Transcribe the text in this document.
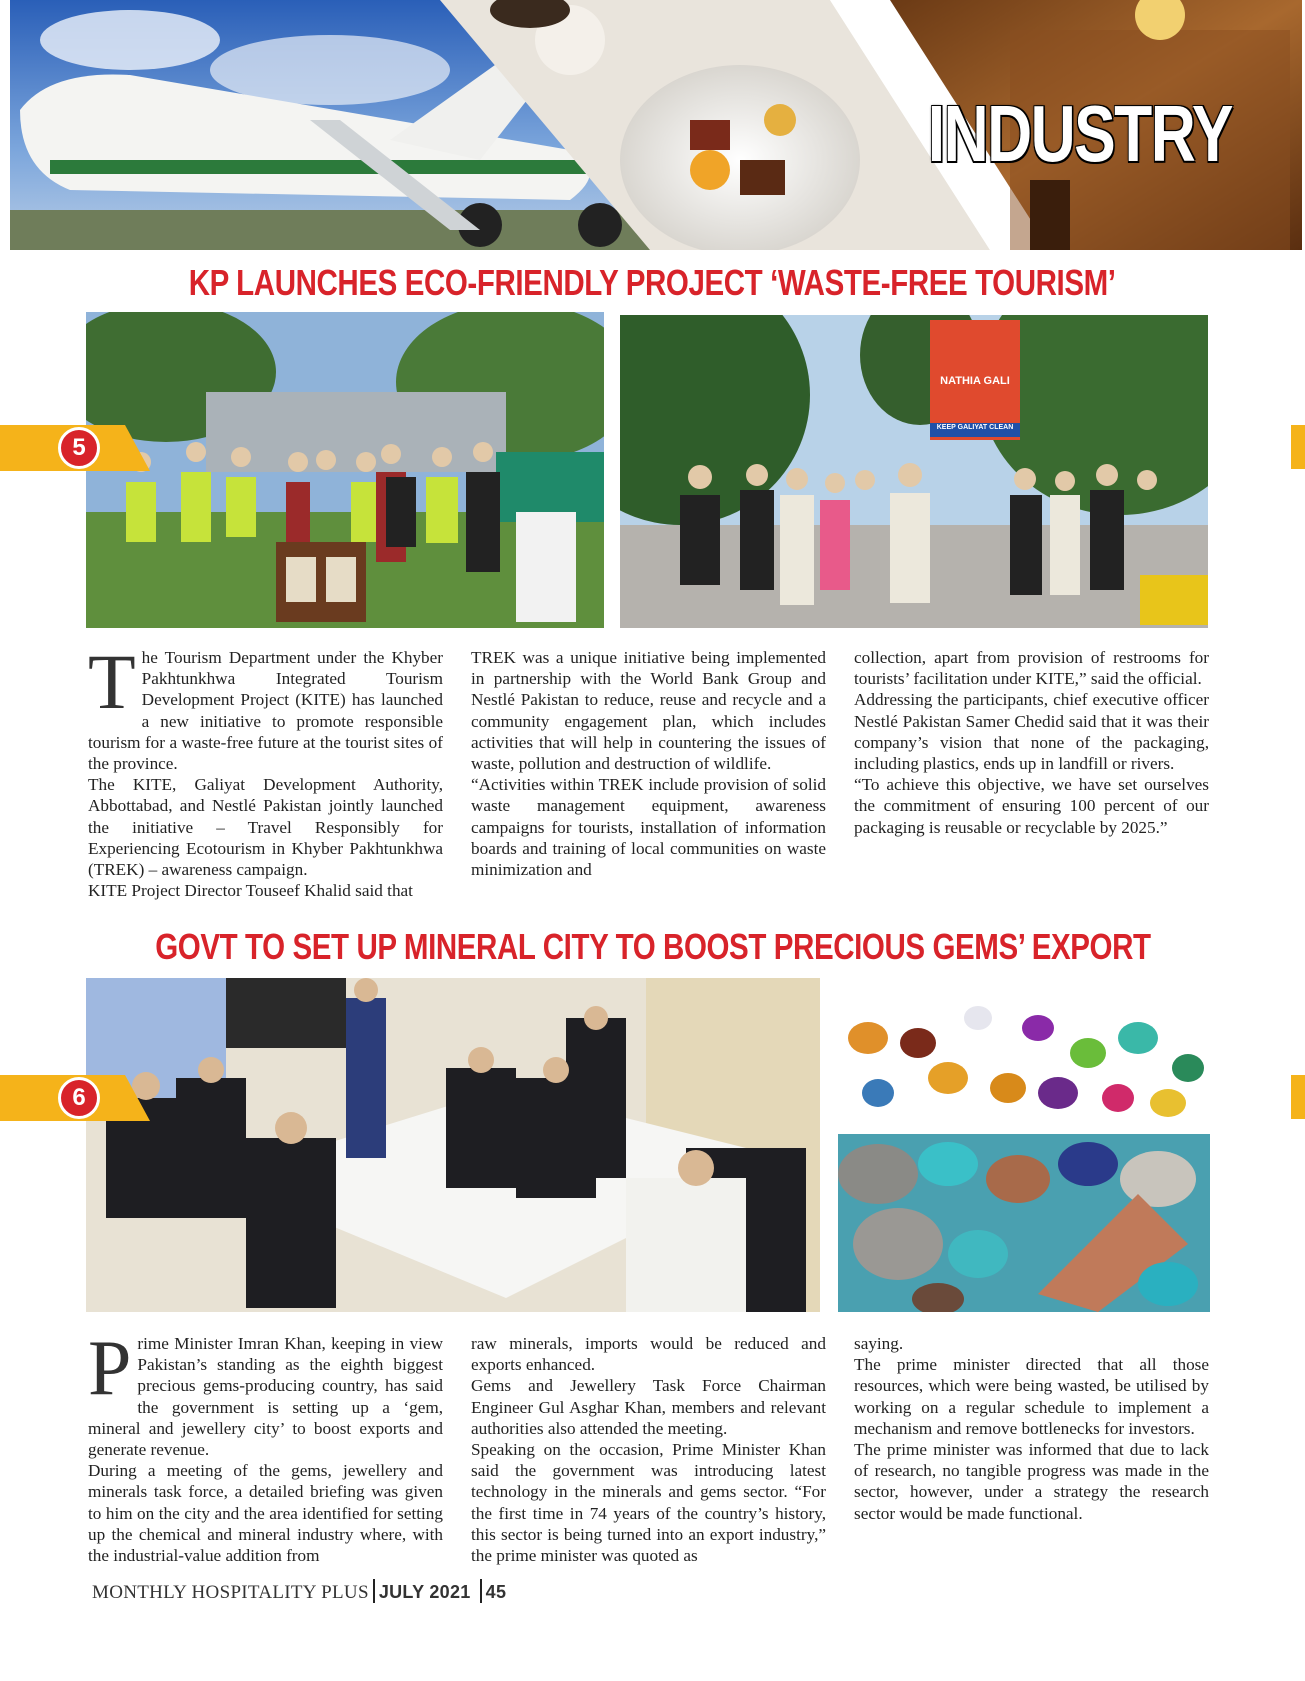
INDUSTRY
KP LAUNCHES ECO-FRIENDLY PROJECT ‘WASTE-FREE TOURISM’
NATHIA GALI
KEEP GALIYAT CLEAN
5
T he Tourism Department under the Khyber Pakhtunkhwa Integrated Tourism Development Project (KITE) has launched a new initiative to promote responsible tourism for a waste-free future at the tourist sites of the province.

The KITE, Galiyat Development Authority, Abbottabad, and Nestlé Pakistan jointly launched the initiative – Travel Responsibly for Experiencing Ecotourism in Khyber Pakhtunkhwa (TREK) – awareness campaign.

KITE Project Director Touseef Khalid said that

TREK was a unique initiative being implemented in partnership with the World Bank Group and Nestlé Pakistan to reduce, reuse and recycle and a community engagement plan, which includes activities that will help in countering the issues of waste, pollution and destruction of wildlife.

“Activities within TREK include provision of solid waste management equipment, awareness campaigns for tourists, installation of information boards and training of local communities on waste minimization and

collection, apart from provision of restrooms for tourists’ facilitation under KITE,” said the official.

Addressing the participants, chief executive officer Nestlé Pakistan Samer Chedid said that it was their company’s vision that none of the packaging, including plastics, ends up in landfill or rivers.

“To achieve this objective, we have set ourselves the commitment of ensuring 100 percent of our packaging is reusable or recyclable by 2025.”

GOVT TO SET UP MINERAL CITY TO BOOST PRECIOUS GEMS’ EXPORT
6
P rime Minister Imran Khan, keeping in view Pakistan’s standing as the eighth biggest precious gems-producing country, has said the government is setting up a ‘gem, mineral and jewellery city’ to boost exports and generate revenue.

During a meeting of the gems, jewellery and minerals task force, a detailed briefing was given to him on the city and the area identified for setting up the chemical and mineral industry where, with the industrial-value addition from

raw minerals, imports would be reduced and exports enhanced.

Gems and Jewellery Task Force Chairman Engineer Gul Asghar Khan, members and relevant authorities also attended the meeting.

Speaking on the occasion, Prime Minister Khan said the government was introducing latest technology in the minerals and gems sector. “For the first time in 74 years of the country’s history, this sector is being turned into an export industry,” the prime minister was quoted as

saying.

The prime minister directed that all those resources, which were being wasted, be utilised by working on a regular schedule to implement a mechanism and remove bottlenecks for investors.

The prime minister was informed that due to lack of research, no tangible progress was made in the sector, however, under a strategy the research sector would be made functional.

MONTHLY HOSPITALITY PLUS JULY 2021 45
